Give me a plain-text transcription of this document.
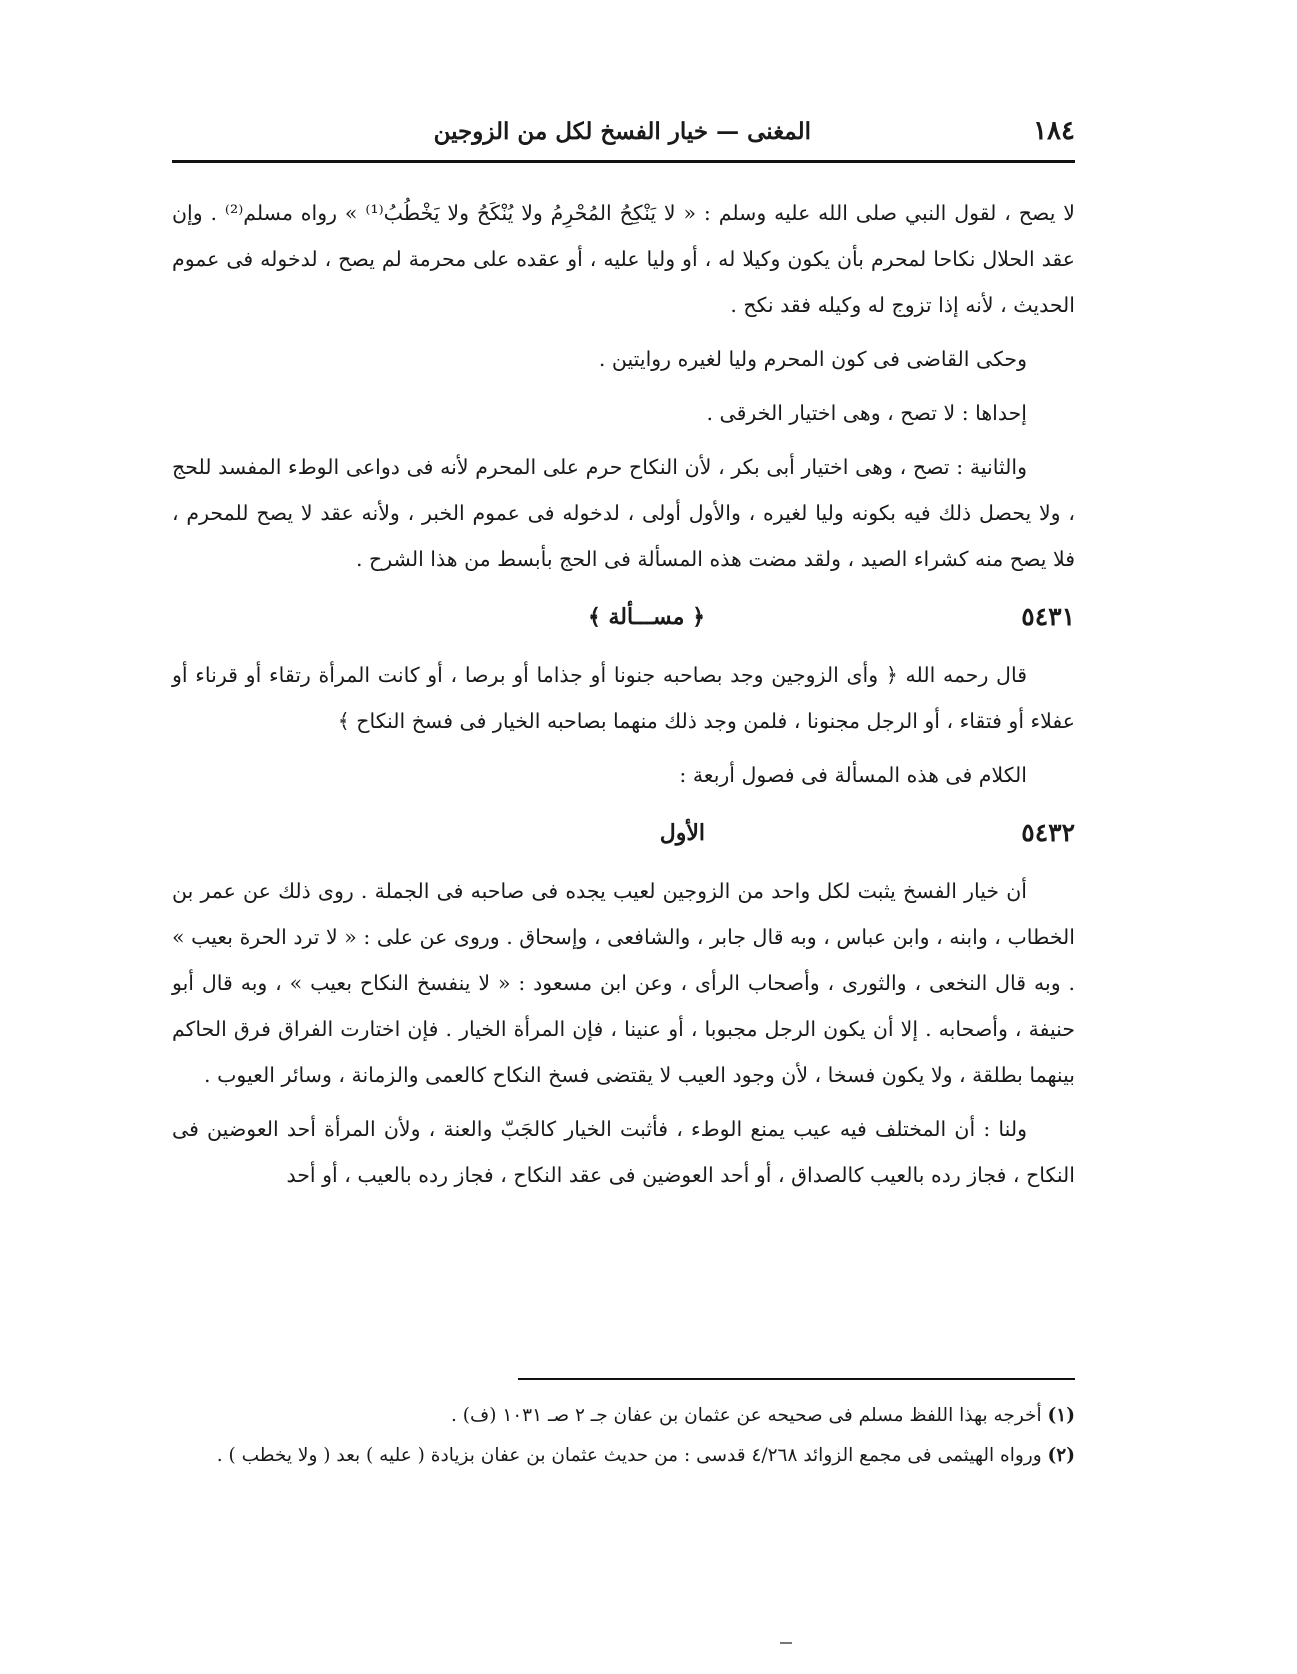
١٨٤
المغنى — خيار الفسخ لكل من الزوجين

لا يصح ، لقول النبي صلى الله عليه وسلم : « لا يَنْكِحُ المُحْرِمُ ولا يُنْكَحُ ولا يَخْطُبُ⁽¹⁾ » رواه مسلم⁽²⁾ . وإن عقد الحلال نكاحا لمحرم بأن يكون وكيلا له ، أو وليا عليه ، أو عقده على محرمة لم يصح ، لدخوله فى عموم الحديث ، لأنه إذا تزوج له وكيله فقد نكح .

وحكى القاضى فى كون المحرم وليا لغيره روايتين .

إحداها : لا تصح ، وهى اختيار الخرقى .

والثانية : تصح ، وهى اختيار أبى بكر ، لأن النكاح حرم على المحرم لأنه فى دواعى الوطء المفسد للحج ، ولا يحصل ذلك فيه بكونه وليا لغيره ، والأول أولى ، لدخوله فى عموم الخبر ، ولأنه عقد لا يصح للمحرم ، فلا يصح منه كشراء الصيد ، ولقد مضت هذه المسألة فى الحج بأبسط من هذا الشرح .

٥٤٣١
﴿ مســـألة ﴾

قال رحمه الله ﴿ وأى الزوجين وجد بصاحبه جنونا أو جذاما أو برصا ، أو كانت المرأة رتقاء أو قرناء أو عفلاء أو فتقاء ، أو الرجل مجنونا ، فلمن وجد ذلك منهما بصاحبه الخيار فى فسخ النكاح ﴾

الكلام فى هذه المسألة فى فصول أربعة :

٥٤٣٢
الأول

أن خيار الفسخ يثبت لكل واحد من الزوجين لعيب يجده فى صاحبه فى الجملة . روى ذلك عن عمر بن الخطاب ، وابنه ، وابن عباس ، وبه قال جابر ، والشافعى ، وإسحاق . وروى عن على : « لا ترد الحرة بعيب » . وبه قال النخعى ، والثورى ، وأصحاب الرأى ، وعن ابن مسعود : « لا ينفسخ النكاح بعيب » ، وبه قال أبو حنيفة ، وأصحابه . إلا أن يكون الرجل مجبوبا ، أو عنينا ، فإن المرأة الخيار . فإن اختارت الفراق فرق الحاكم بينهما بطلقة ، ولا يكون فسخا ، لأن وجود العيب لا يقتضى فسخ النكاح كالعمى والزمانة ، وسائر العيوب .

ولنا : أن المختلف فيه عيب يمنع الوطء ، فأثبت الخيار كالجَبّ والعنة ، ولأن المرأة أحد العوضين فى النكاح ، فجاز رده بالعيب كالصداق ، أو أحد العوضين فى عقد النكاح ، فجاز رده بالعيب ، أو أحد

(١) أخرجه بهذا اللفظ مسلم فى صحيحه عن عثمان بن عفان جـ ٢ صـ ١٠٣١ (ف) .

(٢) ورواه الهيثمى فى مجمع الزوائد ٤/٢٦٨ قدسى : من حديث عثمان بن عفان بزيادة ( عليه ) بعد ( ولا يخطب ) .
